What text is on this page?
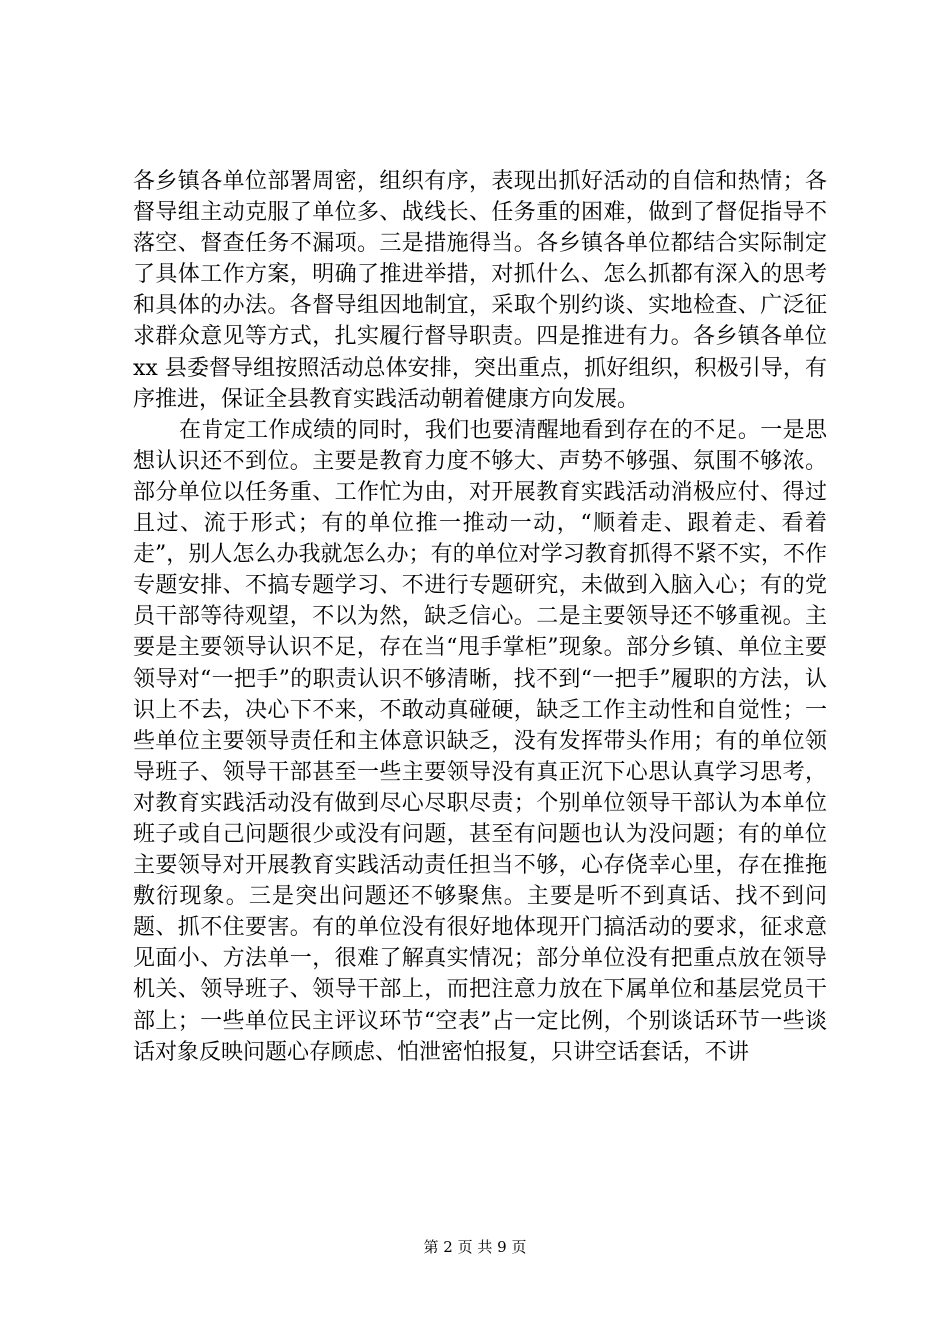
各乡镇各单位部署周密，组织有序，表现出抓好活动的自信和热情；各督导组主动克服了单位多、战线长、任务重的困难，做到了督促指导不落空、督查任务不漏项。三是措施得当。各乡镇各单位都结合实际制定了具体工作方案，明确了推进举措，对抓什么、怎么抓都有深入的思考和具体的办法。各督导组因地制宜，采取个别约谈、实地检查、广泛征求群众意见等方式，扎实履行督导职责。四是推进有力。各乡镇各单位 xx 县委督导组按照活动总体安排，突出重点，抓好组织，积极引导，有序推进，保证全县教育实践活动朝着健康方向发展。

在肯定工作成绩的同时，我们也要清醒地看到存在的不足。一是思想认识还不到位。主要是教育力度不够大、声势不够强、氛围不够浓。部分单位以任务重、工作忙为由，对开展教育实践活动消极应付、得过且过、流于形式；有的单位推一推动一动，“顺着走、跟着走、看着走”，别人怎么办我就怎么办；有的单位对学习教育抓得不紧不实，不作专题安排、不搞专题学习、不进行专题研究，未做到入脑入心；有的党员干部等待观望，不以为然，缺乏信心。二是主要领导还不够重视。主要是主要领导认识不足，存在当“甩手掌柜”现象。部分乡镇、单位主要领导对“一把手”的职责认识不够清晰，找不到“一把手”履职的方法，认识上不去，决心下不来，不敢动真碰硬，缺乏工作主动性和自觉性；一些单位主要领导责任和主体意识缺乏，没有发挥带头作用；有的单位领导班子、领导干部甚至一些主要领导没有真正沉下心思认真学习思考，对教育实践活动没有做到尽心尽职尽责；个别单位领导干部认为本单位班子或自己问题很少或没有问题，甚至有问题也认为没问题；有的单位主要领导对开展教育实践活动责任担当不够，心存侥幸心里，存在推拖敷衍现象。三是突出问题还不够聚焦。主要是听不到真话、找不到问题、抓不住要害。有的单位没有很好地体现开门搞活动的要求，征求意见面小、方法单一，很难了解真实情况；部分单位没有把重点放在领导机关、领导班子、领导干部上，而把注意力放在下属单位和基层党员干部上；一些单位民主评议环节“空表”占一定比例，个别谈话环节一些谈话对象反映问题心存顾虑、怕泄密怕报复，只讲空话套话，不讲

第 2 页 共 9 页
